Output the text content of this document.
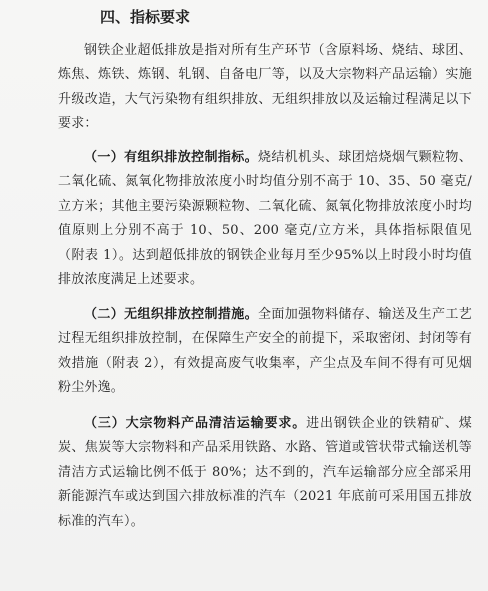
四、指标要求

钢铁企业超低排放是指对所有生产环节（含原料场、烧结、球团、炼焦、炼铁、炼钢、轧钢、自备电厂等，以及大宗物料产品运输）实施升级改造，大气污染物有组织排放、无组织排放以及运输过程满足以下要求：

（一）有组织排放控制指标。烧结机机头、球团焙烧烟气颗粒物、二氧化硫、氮氧化物排放浓度小时均值分别不高于 10、35、50 毫克/立方米；其他主要污染源颗粒物、二氧化硫、氮氧化物排放浓度小时均值原则上分别不高于 10、50、200 毫克/立方米，具体指标限值见（附表 1）。达到超低排放的钢铁企业每月至少95%以上时段小时均值排放浓度满足上述要求。

（二）无组织排放控制措施。全面加强物料储存、输送及生产工艺过程无组织排放控制，在保障生产安全的前提下，采取密闭、封闭等有效措施（附表 2），有效提高废气收集率，产尘点及车间不得有可见烟粉尘外逸。

（三）大宗物料产品清洁运输要求。进出钢铁企业的铁精矿、煤炭、焦炭等大宗物料和产品采用铁路、水路、管道或管状带式输送机等清洁方式运输比例不低于 80%；达不到的，汽车运输部分应全部采用新能源汽车或达到国六排放标准的汽车（2021 年底前可采用国五排放标准的汽车）。
